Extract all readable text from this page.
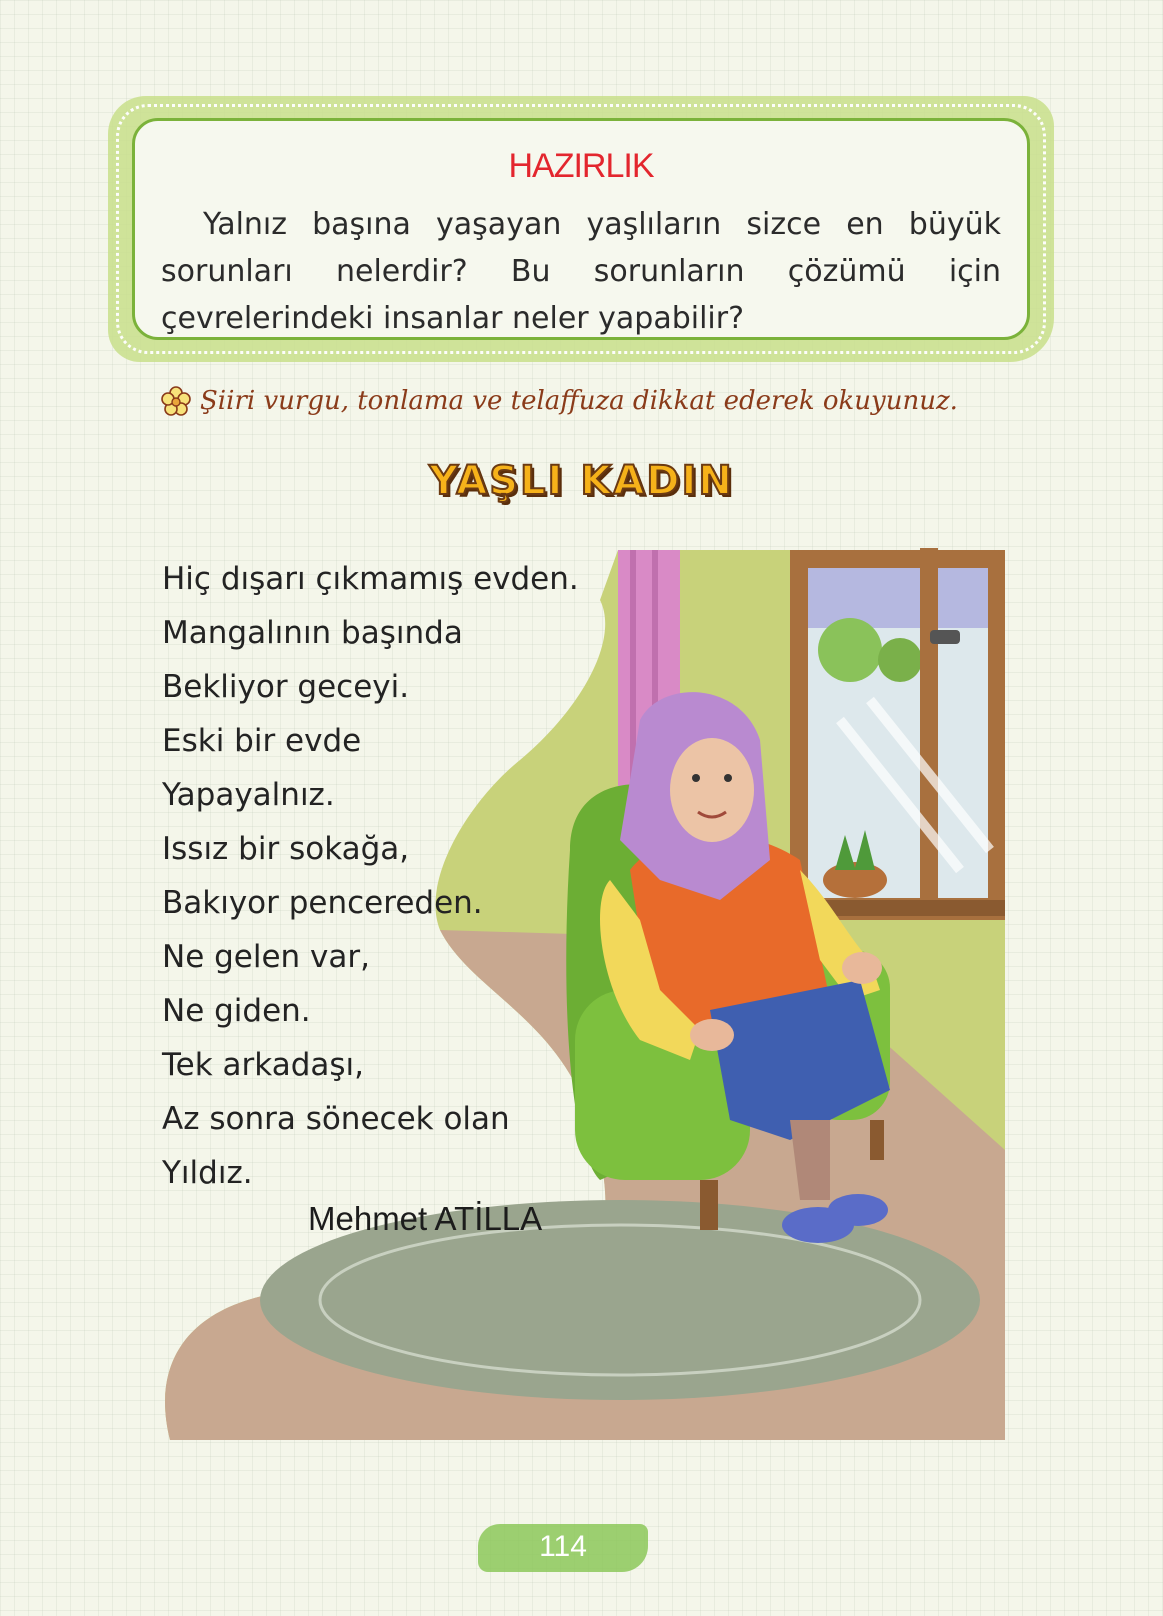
HAZIRLIK
Yalnız başına yaşayan yaşlıların sizce en büyük sorunları nelerdir? Bu sorunların çözümü için çevrelerindeki insanlar neler yapabilir?
Şiiri vurgu, tonlama ve telaffuza dikkat ederek okuyunuz.
YAŞLI KADIN
Hiç dışarı çıkmamış evden.
Mangalının başında
Bekliyor geceyi.
Eski bir evde
Yapayalnız.
Issız bir sokağa,
Bakıyor pencereden.
Ne gelen var,
Ne giden.
Tek arkadaşı,
Az sonra sönecek olan
Yıldız.
Mehmet ATİLLA
114
